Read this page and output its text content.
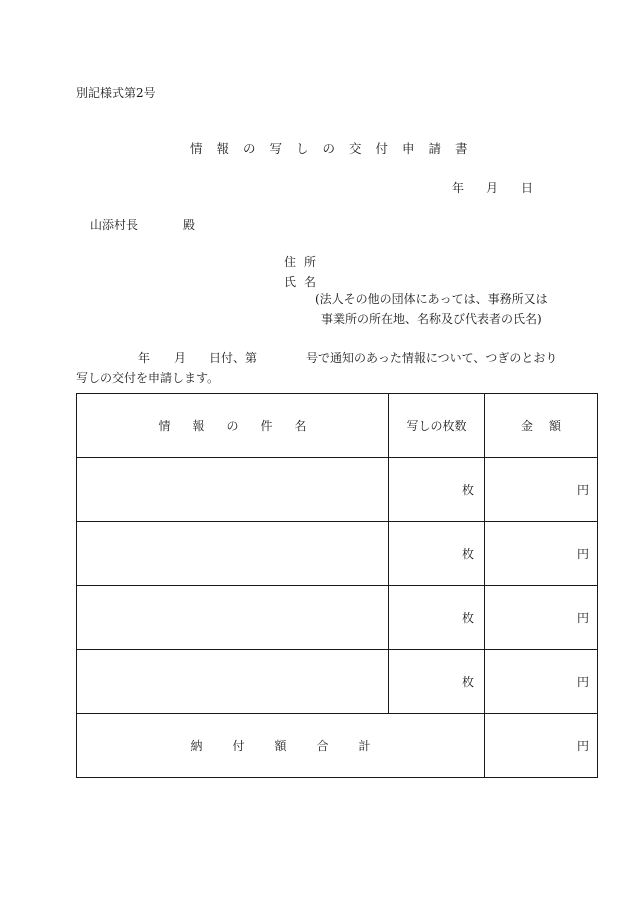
別記様式第2号
情報の写しの交付申請書
年 月 日
山添村長	殿
住所
氏名
(法人その他の団体にあっては、事務所又は
事業所の所在地、名称及び代表者の氏名)
年 月 日付、第	号で通知のあった情報について、つぎのとおり
写しの交付を申請します。
情報の件名	写しの枚数	金額
	枚	円
	枚	円
	枚	円
	枚	円
納付額合計		円
